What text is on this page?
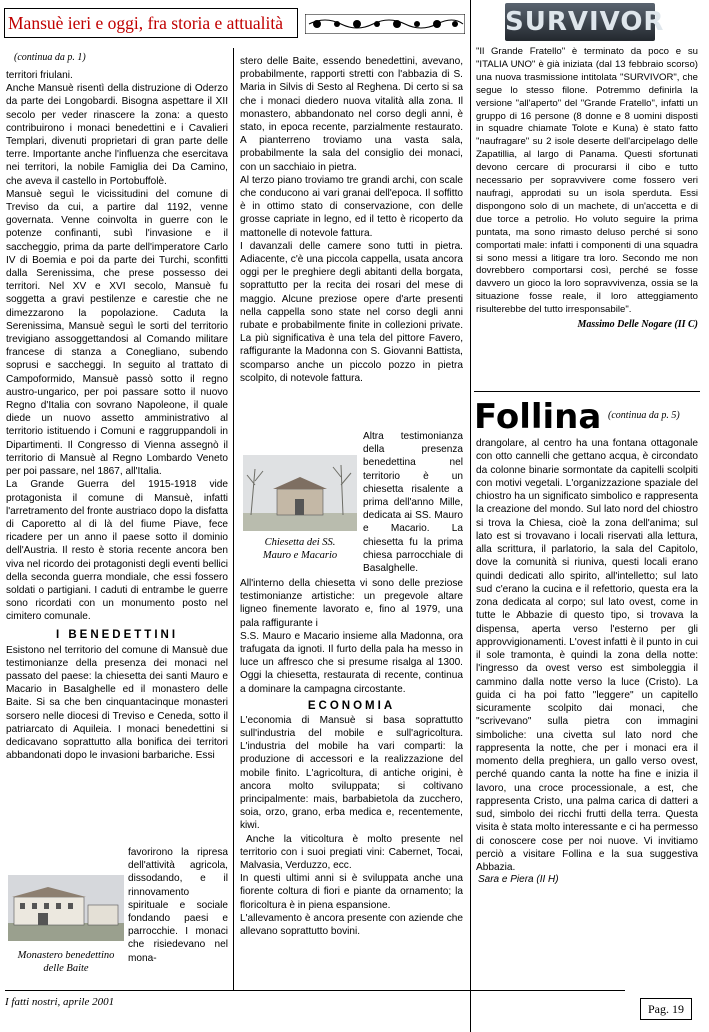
Mansuè ieri e oggi, fra storia e attualità
(continua da p. 1)

territori friulani.

Anche Mansuè risentì della distruzione di Oderzo da parte dei Longobardi. Bisogna aspettare il XII secolo per veder rinascere la zona: a questo contribuirono i monaci benedettini e i Cavalieri Templari, divenuti proprietari di gran parte delle terre. Importante anche l'influenza che esercitava nei territori, la nobile Famiglia dei Da Camino, che aveva il castello in Portobuffolè.

Mansuè seguì le vicissitudini del comune di Treviso da cui, a partire dal 1192, venne governata. Venne coinvolta in guerre con le potenze confinanti, subì l'invasione e il saccheggio, prima da parte dell'imperatore Carlo IV di Boemia e poi da parte dei Turchi, sconfitti dalla Serenissima, che prese possesso dei territori. Nel XV e XVI secolo, Mansuè fu soggetta a gravi pestilenze e carestie che ne dimezzarono la popolazione. Caduta la Serenissima, Mansuè seguì le sorti del territorio trevigiano assoggettandosi al Comando militare francese di stanza a Conegliano, subendo soprusi e saccheggi. In seguito al trattato di Campoformido, Mansuè passò sotto il regno austro-ungarico, per poi passare sotto il nuovo Regno d'Italia con sovrano Napoleone, il quale diede un nuovo assetto amministrativo al territorio istituendo i Comuni e raggruppandoli in Dipartimenti. Il Congresso di Vienna assegnò il territorio di Mansuè al Regno Lombardo Veneto per poi passare, nel 1867, all'Italia.

La Grande Guerra del 1915-1918 vide protagonista il comune di Mansuè, infatti l'arretramento del fronte austriaco dopo la disfatta di Caporetto al di là del fiume Piave, fece ricadere per un anno il paese sotto il dominio dell'Austria. Il resto è storia recente ancora ben viva nel ricordo dei protagonisti degli eventi bellici della seconda guerra mondiale, che essi fossero soldati o partigiani. I caduti di entrambe le guerre sono ricordati con un monumento posto nel cimitero comunale.

I BENEDETTINI
Esistono nel territorio del comune di Mansuè due testimonianze della presenza dei monaci nel passato del paese: la chiesetta dei santi Mauro e Macario in Basalghelle ed il monastero delle Baite. Si sa che ben cinquantacinque monasteri sorsero nelle diocesi di Treviso e Ceneda, sotto il patriarcato di Aquileia. I monaci benedettini si dedicavano soprattutto alla bonifica dei territori abbandonati dopo le invasioni barbariche. Essi
Monastero benedettino
delle Baite
favorirono la ripresa dell'attività agricola, dissodando, e il rinnovamento spirituale e sociale fondando paesi e parrocchie. I monaci che risiedevano nel mona-

stero delle Baite, essendo benedettini, avevano, probabilmente, rapporti stretti con l'abbazia di S. Maria in Silvis di Sesto al Reghena. Di certo si sa che i monaci diedero nuova vitalità alla zona. Il monastero, abbandonato nel corso degli anni, è stato, in epoca recente, parzialmente restaurato. A pianterreno troviamo una vasta sala, probabilmente la sala del consiglio dei monaci, con un sacchiaio in pietra.

Al terzo piano troviamo tre grandi archi, con scale che conducono ai vari granai dell'epoca. Il soffitto è in ottimo stato di conservazione, con delle grosse capriate in legno, ed il tetto è ricoperto da mattonelle di notevole fattura.

I davanzali delle camere sono tutti in pietra. Adiacente, c'è una piccola cappella, usata ancora oggi per le preghiere degli abitanti della borgata, soprattutto per la recita dei rosari del mese di maggio. Alcune preziose opere d'arte presenti nella cappella sono state nel corso degli anni rubate e probabilmente finite in collezioni private. La più significativa è una tela del pittore Favero, raffigurante la Madonna con S. Giovanni Battista, scomparso anche un piccolo pozzo in pietra scolpito, di notevole fattura.

Chiesetta dei SS.
Mauro e Macario
Altra testimonianza della presenza benedettina nel territorio è un chiesetta risalente a prima dell'anno Mille, dedicata ai SS. Mauro e Macario. La chiesetta fu la prima chiesa parrocchiale di Basalghelle.

All'interno della chiesetta vi sono delle preziose testimonianze artistiche: un pregevole altare ligneo finemente lavorato e, fino al 1979, una pala raffigurante i

S.S. Mauro e Macario insieme alla Madonna, ora trafugata da ignoti. Il furto della pala ha messo in luce un affresco che si presume risalga al 1300. Oggi la chiesetta, restaurata di recente, continua a dominare la campagna circostante.

ECONOMIA

L'economia di Mansuè si basa soprattutto sull'industria del mobile e sull'agricoltura. L'industria del mobile ha vari comparti: la produzione di accessori e la realizzazione del mobile finito. L'agricoltura, di antiche origini, è ancora molto sviluppata; si coltivano principalmente: mais, barbabietola da zucchero, soia, orzo, grano, erba medica e, recentemente, kiwi.

Anche la viticoltura è molto presente nel territorio con i suoi pregiati vini: Cabernet, Tocai, Malvasia, Verduzzo, ecc.

In questi ultimi anni si è sviluppata anche una fiorente coltura di fiori e piante da ornamento; la floricoltura è in piena espansione.

L'allevamento è ancora presente con aziende che allevano soprattutto bovini.

SURVIVOR
"Il Grande Fratello" è terminato da poco e su "ITALIA UNO" è già iniziata (dal 13 febbraio scorso) una nuova trasmissione intitolata "SURVIVOR", che segue lo stesso filone. Potremmo definirla la versione "all'aperto" del "Grande Fratello", infatti un gruppo di 16 persone (8 donne e 8 uomini disposti in squadre chiamate Tolote e Kuna) è stato fatto "naufragare" su 2 isole deserte dell'arcipelago delle Zapatillia, al largo di Panama. Questi sfortunati devono cercare di procurarsi il cibo e tutto necessario per sopravvivere come fossero veri naufragi, approdati su un isola sperduta. Essi dispongono solo di un machete, di un'accetta e di due torce a petrolio. Ho voluto seguire la prima puntata, ma sono rimasto deluso perché si sono comportati male: infatti i componenti di una squadra si sono messi a litigare tra loro. Secondo me non dovrebbero comportarsi così, perché se fosse davvero un gioco la loro sopravvivenza, ossia se la situazione fosse reale, il loro atteggiamento risulterebbe del tutto irresponsabile".
Massimo Delle Nogare (II C)
Follina (continua da p. 5)
drangolare, al centro ha una fontana ottagonale con otto cannelli che gettano acqua, è circondato da colonne binarie sormontate da capitelli scolpiti con motivi vegetali. L'organizzazione spaziale del chiostro ha un significato simbolico e rappresenta la creazione del mondo. Sul lato nord del chiostro si trova la Chiesa, cioè la zona dell'anima; sul lato est si trovavano i locali riservati alla lettura, alla scrittura, il parlatorio, la sala del Capitolo, dove la comunità si riuniva, questi locali erano quindi dedicati allo spirito, all'intelletto; sul lato sud c'erano la cucina e il refettorio, questa era la zona dedicata al corpo; sul lato ovest, come in tutte le Abbazie di questo tipo, si trovava la dispensa, aperta verso l'esterno per gli approvvigionamenti. L'ovest infatti è il punto in cui il sole tramonta, è quindi la zona della notte: l'ingresso da ovest verso est simboleggia il cammino dalla notte verso la luce (Cristo). La guida ci ha poi fatto "leggere" un capitello sicuramente scolpito dai monaci, che "scrivevano" sulla pietra con immagini simboliche: una civetta sul lato nord che rappresenta la notte, che per i monaci era il momento della preghiera, un gallo verso ovest, perché quando canta la notte ha fine e inizia il lavoro, una croce processionale, a est, che rappresenta Cristo, una palma carica di datteri a sud, simbolo dei ricchi frutti della terra. Questa visita è stata molto interessante e ci ha permesso di conoscere cose per noi nuove. Vi invitiamo perciò a visitare Follina e la sua suggestiva Abbazia.
Sara e Piera (II H)
I fatti nostri, aprile 2001	Pag. 19
